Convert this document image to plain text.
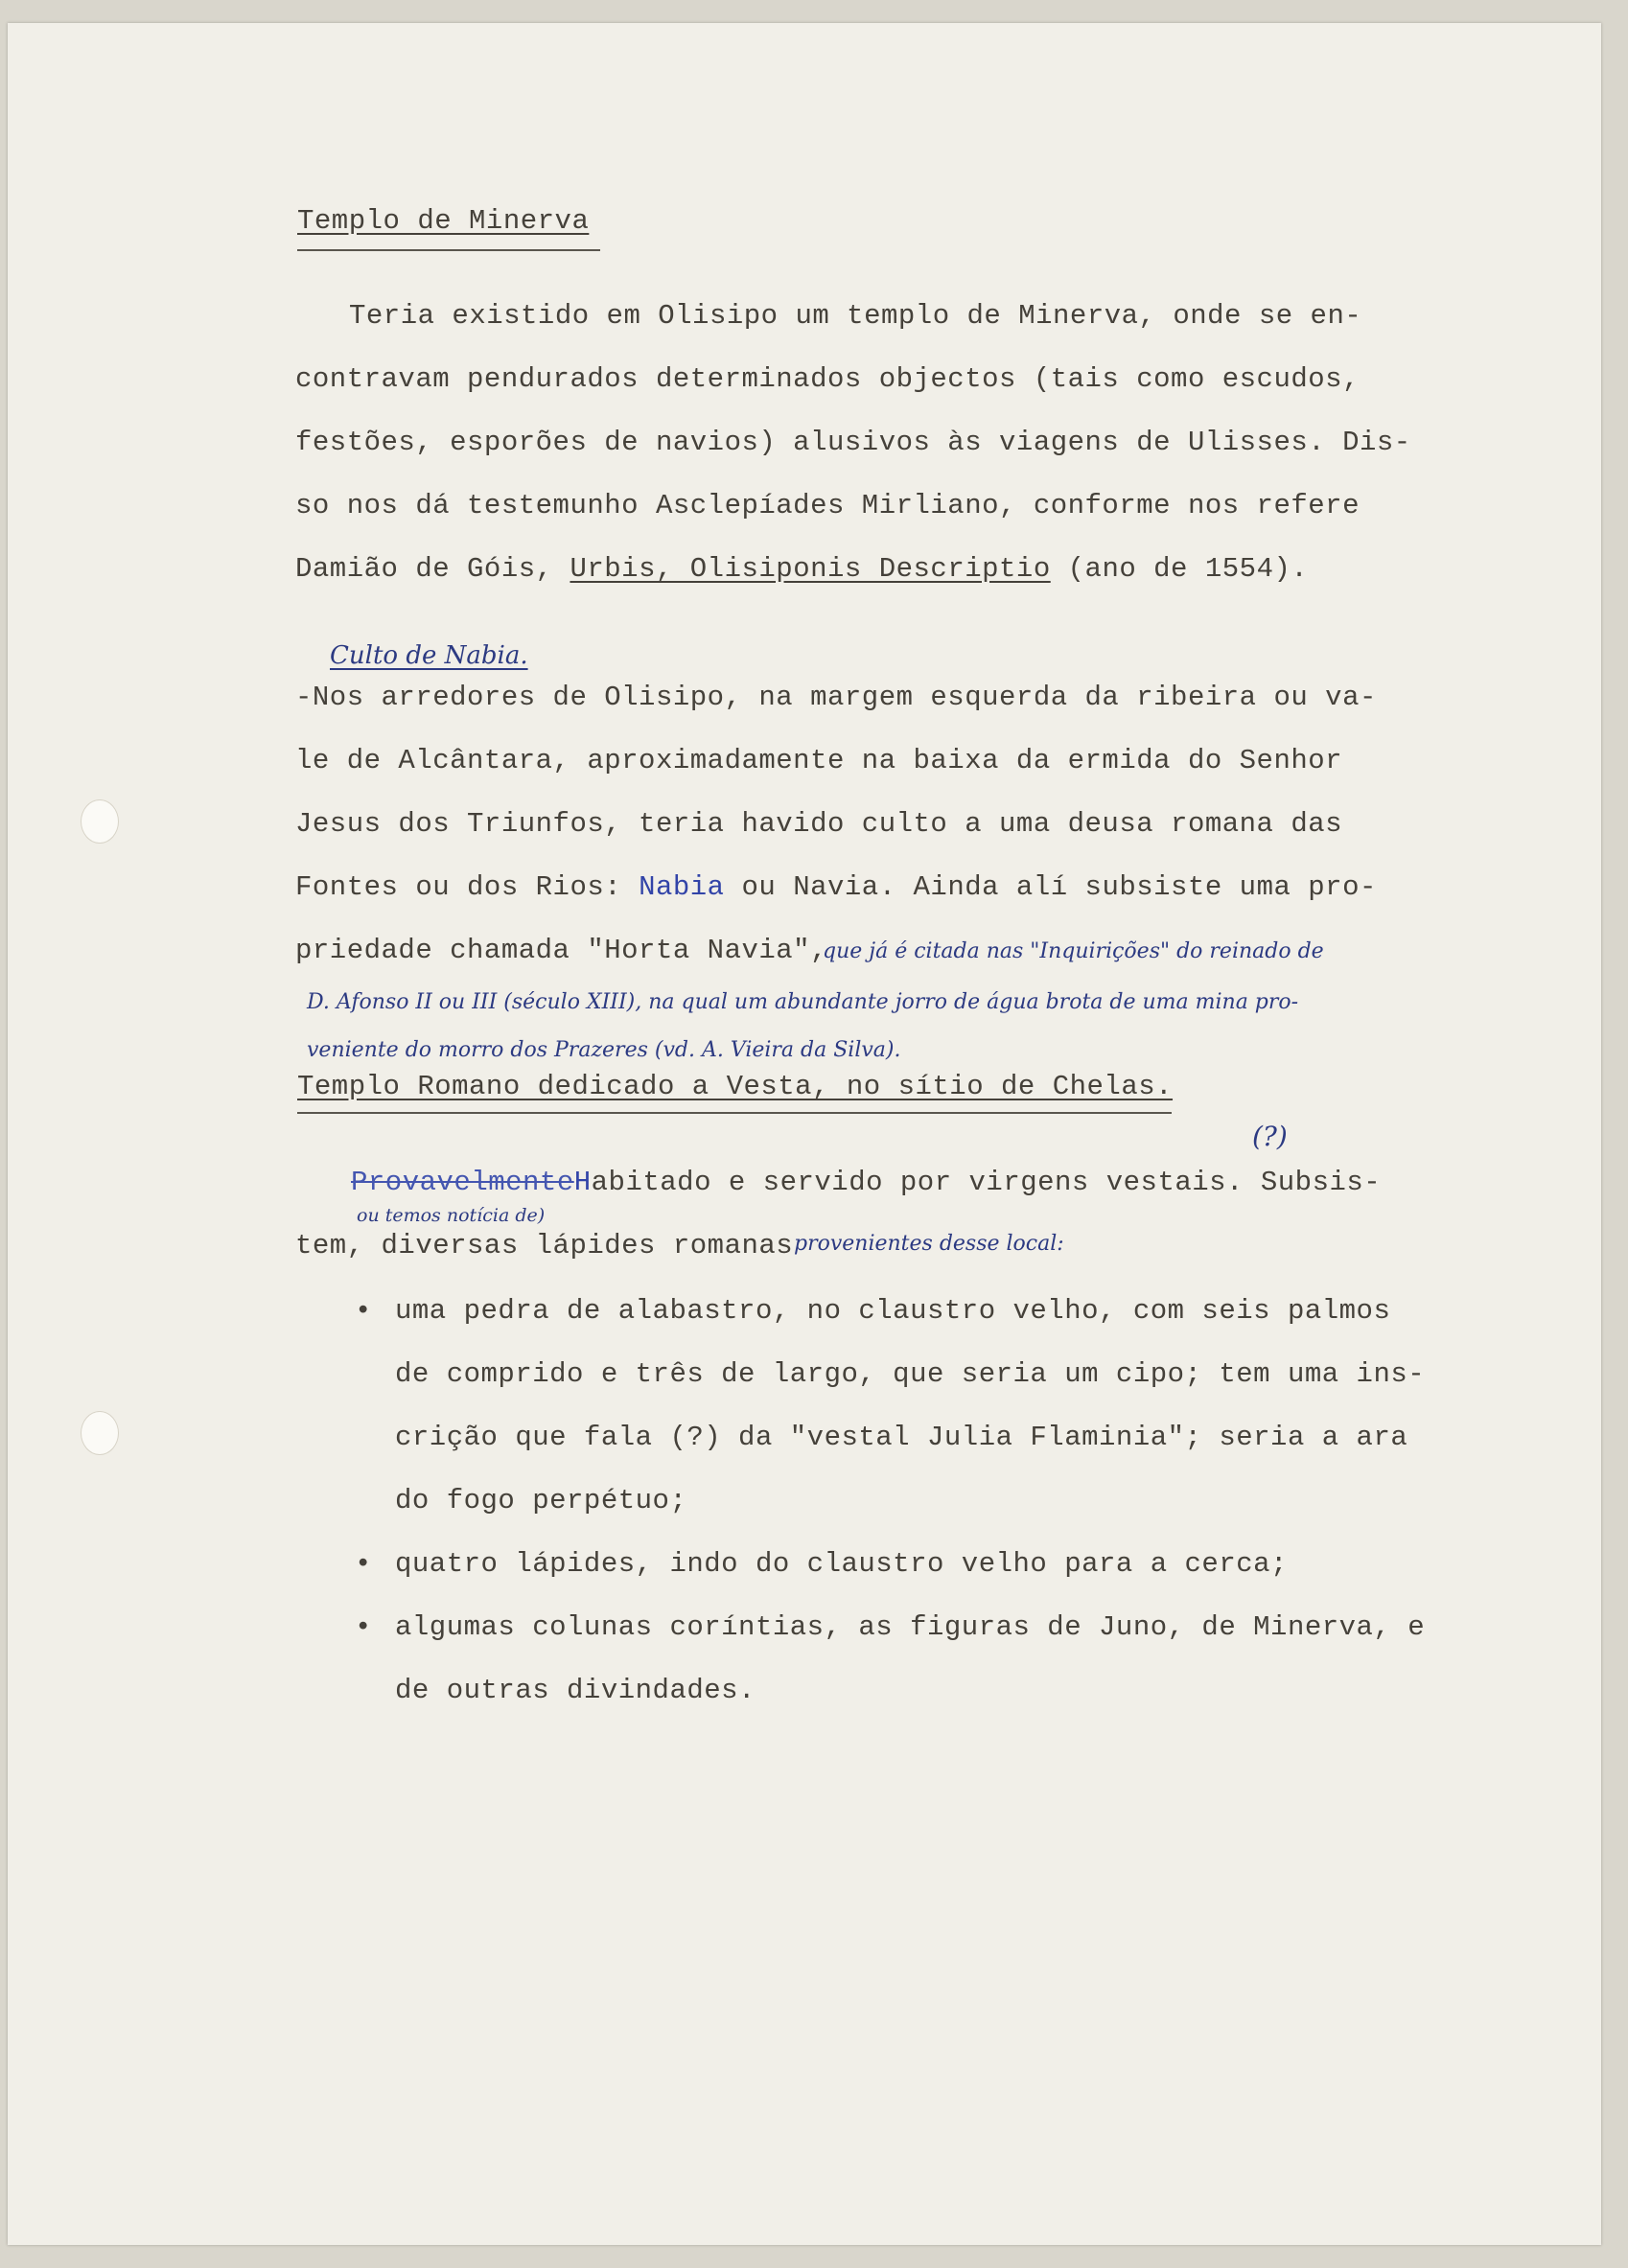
Templo de Minerva

Teria existido em Olisipo um templo de Minerva, onde se en-

contravam pendurados determinados objectos (tais como escudos,

festões, esporões de navios) alusivos às viagens de Ulisses. Dis-

so nos dá testemunho Asclepíades Mirliano, conforme nos refere

Damião de Góis, Urbis, Olisiponis Descriptio (ano de 1554).

Culto de Nabia.

-Nos arredores de Olisipo, na margem esquerda da ribeira ou va-

le de Alcântara, aproximadamente na baixa da ermida do Senhor

Jesus dos Triunfos, teria havido culto a uma deusa romana das

Fontes ou dos Rios: Nabia ou Navia. Ainda alí subsiste uma pro-

priedade chamada "Horta Navia",

que já é citada nas "Inquirições" do reinado de

D. Afonso II ou III (século XIII), na qual um abundante jorro de água brota de uma mina pro-

veniente do morro dos Prazeres (vd. A. Vieira da Silva).

Templo Romano dedicado a Vesta, no sítio de Chelas.

(?)

ProvavelmenteHabitado e servido por virgens vestais. Subsis-

ou temos notícia de)

tem, diversas lápides romanas provenientes desse local:

• uma pedra de alabastro, no claustro velho, com seis palmos

de comprido e três de largo, que seria um cipo; tem uma ins-

crição que fala (?) da "vestal Julia Flaminia"; seria a ara

do fogo perpétuo;

• quatro lápides, indo do claustro velho para a cerca;

• algumas colunas coríntias, as figuras de Juno, de Minerva, e

de outras divindades.
